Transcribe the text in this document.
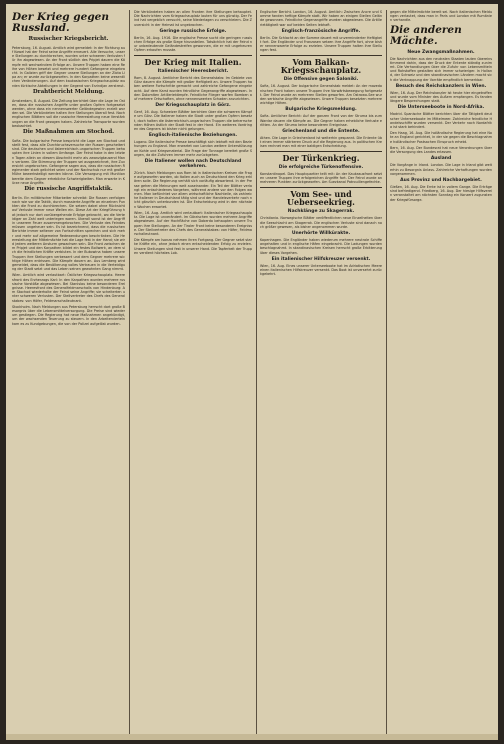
Der Krieg gegen Russland.
Russischer Kriegsbericht.

Petersburg, 16. August. Amtlich wird gemeldet: In der Richtung auf Kowel hat der Feind seine Angriffe erneuert. Alle Versuche, unsere Stellungen zu durchbrechen, wurden unter schweren Verlusten für ihn abgewiesen. An der Front südlich des Pripjet dauern die Kämpfe mit wechselndem Erfolge an. Unsere Truppen haben eine Reihe von Höhen besetzt und mehrere hundert Gefangene eingebracht. In Galizien griff der Gegner unsere Stellungen an der Zlota Lipa an; er wurde zurückgeworfen. In den Karpathen keine wesentlichen Veränderungen. Auf dem kaukasischen Kriegsschauplatz wurden türkische Abteilungen in der Gegend von Erzindjan zerstreut.

Drahtbericht Meldung.

Amsterdam, 8. August. Die Zeitung berichtet über die Lage im Osten, dass die russischen Angriffe unter großen Opfern fortgesetzt werden, ohne dass ein nennenswerter Geländegewinn erzielt worden sei. Die Verbündeten halten ihre Stellungen überall fest. Nach englischen Blättern soll die russische Heeresleitung neue Verstärkungen an die Front gezogen haben. Zahlreiche Transporte wurden beobachtet.

Die Maßnahmen am Stochod.

Sofia. Die bulgarische Presse bespricht die Lage am Stochod und stellt fest, dass alle Durchbruchsversuche der Russen gescheitert sind. Die deutschen und österreichisch-ungarischen Truppen behaupten ihre Linien in vollem Umfange. Der Feind habe in den letzten Tagen allein an diesem Abschnitt mehr als zwanzigtausend Mann verloren. Die Stimmung der Truppen sei ausgezeichnet, ihre Zuversicht ungebrochen. Gefangene sagen aus, dass die russischen Regimenter stark gelichtet seien und der Nachschub nur mit großer Mühe bewerkstelligt werden könne. Die Versorgung mit Munition bereite dem Gegner erhebliche Schwierigkeiten. Man erwarte in Kürze neue Angriffe.

Die russische Angriffstaktik.

Berlin. Ein militärischer Mitarbeiter schreibt: Die Russen verfolgen nach wie vor die Taktik, durch massierte Angriffe an einzelnen Punkten die Front zu durchbrechen. Sie setzen dabei ohne Rücksicht auf Verluste immer neue Wellen ein. Diese Art der Kriegführung hat jedoch nur dort vorübergehende Erfolge gebracht, wo die Verteidiger an Zahl weit unterlegen waren. Überall sonst ist der Angriff in unserem Feuer zusammengebrochen. Die Verluste des Feindes müssen ungeheuer sein. Es ist bezeichnend, dass die russischen Berichte immer seltener von Fortschritten sprechen und sich mehr und mehr auf allgemeine Redewendungen beschränken. Die Heeresleitung der Mittelmächte hat die Lage fest in der Hand; sie wird jedem weiteren Ansturm gewachsen sein. Die Front zwischen dem Pripjet und den Karpathen bildet ein festes Bollwerk, an dem sich die feindlichen Kräfte verbluten. In der Bukowina haben unsere Truppen ihre Stellungen verbessert und dem Gegner mehrere wichtige Höhen entrissen. Die Kämpfe dauern an. Aus Lemberg wird gemeldet, dass die Bevölkerung volles Vertrauen in die Verteidigung der Stadt setzt und das Leben seinen gewohnten Gang nimmt.

Wien. Amtlich wird verlautbart: Östlicher Kriegsschauplatz. Heeresfront des Erzherzogs Karl: In den Karpathen wurden mehrere russische Vorstöße abgewiesen. Bei Stanislau keine besonderen Ereignisse. Heeresfront des Generalfeldmarschalls von Hindenburg: Am Stochod wiederholte der Feind seine Angriffe; sie scheiterten unter schweren Verlusten. Der Stellvertreter des Chefs des Generalstabes: von Höfer, Feldmarschalleutnant.

Stockholm. Nach Meldungen aus Petersburg herrscht dort große Besorgnis über die Lebensmittelversorgung. Die Preise sind wiederum gestiegen. Die Regierung hat neue Maßnahmen angekündigt, um der wachsenden Teuerung zu steuern. In den Arbeitervierteln kam es zu Kundgebungen, die von der Polizei aufgelöst wurden.

Die Verbündeten haben an allen Fronten ihre Stellungen behauptet. Die Nachrichten vom Kriegsschauplatz lauten für uns günstig. Der Feind hat vergeblich versucht, seine Niederlagen zu verschleiern. Die Zuversicht in der Heimat ist ungebrochen.

Geringe russische Erfolge.

Berlin, 16. Aug. 1916. Die englische Presse sucht die geringen russischen Erfolge als große Siege hinzustellen. Tatsächlich hat der Feind nur unbedeutende Geländestreifen gewonnen, die er mit ungeheuren Opfern erkaufen musste.

Der Krieg mit Italien.
Italienischer Heeresbericht.

Rom, 8. August. Amtlicher Bericht des Generalstabs: Im Gebiete von Görz dauern die Kämpfe mit großer Heftigkeit an. Unsere Truppen haben weitere Fortschritte gemacht und zahlreiche Gefangene eingebracht. Auf dem Karst wurden feindliche Gegenangriffe abgewiesen. In den Dolomiten Artilleriekämpfe. Feindliche Flieger warfen Bomben auf mehrere Ortschaften, ohne nennenswerten Schaden anzurichten.

Der Kriegsschauplatz in Görz.

Genf, 16. Aug. Schweizer Blätter berichten über die schweren Kämpfe um Görz. Die Italiener haben die Stadt unter großen Opfern besetzt, doch halten die österreichisch-ungarischen Truppen die beherrschenden Höhen östlich der Stadt fest in der Hand. Ein weiteres Vordringen des Gegners ist bisher nicht gelungen.

Englisch-italienische Beziehungen.

Lugano. Die italienische Presse beschäftigt sich lebhaft mit den Beziehungen zu England. Man erwartet von London weitere Unterstützung an Kohle und Kriegsmaterial. Die Frage der Tonnage bereitet große Sorgen, da die Zufuhren immer mehr zurückgehen.

Die Italiener wollen nach Deutschland verkehren.

Zürich. Nach Meldungen aus Rom ist in italienischen Kreisen die Frage aufgeworfen worden, ob Italien auch an Deutschland den Krieg erklären solle. Die Regierung verhält sich vorläufig abwartend. In der Presse gehen die Meinungen weit auseinander. Ein Teil der Blätter verlangt ein entschiedenes Vorgehen, während andere vor den Folgen warnen. Man befürchtet vor allem wirtschaftliche Nachteile, da zahlreiche Italiener in Deutschland tätig sind und der Handelsverkehr noch nicht gänzlich unterbunden ist. Die Entscheidung wird in den nächsten Wochen erwartet.

Wien, 16. Aug. Amtlich wird verlautbart: Italienischer Kriegsschauplatz. Die Lage ist unverändert. Im Görzischen wurden mehrere Angriffe abgewiesen. Auf der Hochfläche von Doberdo behaupten unsere Truppen ihre Stellungen. An der Tiroler Front keine besonderen Ereignisse. Der Stellvertreter des Chefs des Generalstabes: von Höfer, Feldmarschalleutnant.

Die Kämpfe am Isonzo nehmen ihren Fortgang. Der Gegner setzt starke Kräfte ein, ohne jedoch einen entscheidenden Erfolg zu erzielen. Unsere Stellungen sind fest in unserer Hand. Die Tapferkeit der Truppen verdient höchstes Lob.

Englischer Bericht. London, 16. August. Amtlich: Zwischen Ancre und Somme fanden heftige Kämpfe statt. Wir haben an einigen Stellen Gelände gewonnen. Feindliche Gegenangriffe wurden abgewiesen. Die Artillerietätigkeit war auf beiden Seiten lebhaft.

Englisch-französische Angriffe.

Berlin. Die Schlacht an der Somme dauert mit unverminderter Heftigkeit fort. Die Engländer und Franzosen setzen ihre Angriffe fort, ohne bisher nennenswerte Erfolge zu erzielen. Unsere Truppen halten ihre Stellungen fest.

Vom Balkan-Kriegsschauplatz.
Die Offensive gegen Saloniki.

Sofia, 16. August. Der bulgarische Generalstab meldet: An der mazedonischen Front haben unsere Truppen ihre Vorwärtsbewegung fortgesetzt. Der Feind wurde an mehreren Stellen geworfen. Am Ostrowo-See wurden serbische Angriffe abgewiesen. Unsere Truppen besetzten mehrere wichtige Höhen.

Bulgarische Kriegsmeldung.

Sofia. Amtlicher Bericht: Auf der ganzen Front von der Struma bis zum Wardar dauern die Kämpfe an. Die Gegner haben erhebliche Verluste erlitten. An der Struma keine besonderen Ereignisse.

Griechenland und die Entente.

Athen. Die Lage in Griechenland ist weiterhin gespannt. Die Entente übt einen immer stärkeren Druck auf die Regierung aus. In politischen Kreisen rechnet man mit einer baldigen Entscheidung.

Der Türkenkrieg.
Die erfolgreiche Türkenoffensive.

Konstantinopel. Das Hauptquartier teilt mit: An der Kaukasusfront setzten unsere Truppen ihre erfolgreichen Angriffe fort. Der Feind wurde an mehreren Punkten zurückgeworfen. Am Suezkanal Patrouillengefechte.

Vom See- und Ueberseekrieg.
Nachklänge zu Skagerrak.

Christiania. Norwegische Blätter veröffentlichen neue Einzelheiten über die Seeschlacht am Skagerrak. Die englischen Verluste sind danach noch größer gewesen, als bisher angenommen wurde.

Unerhörte Willkürakte.

Kopenhagen. Die Engländer haben wiederum mehrere neutrale Schiffe angehalten und in englische Häfen eingebracht. Die Ladungen wurden beschlagnahmt. In skandinavischen Kreisen herrscht große Erbitterung über dieses Vorgehen.

Ein italienischer Hilfskreuzer versenkt.

Wien, 16. Aug. Eines unserer Unterseeboote hat im Adriatischen Meere einen italienischen Hilfskreuzer versenkt. Das Boot ist unversehrt zurückgekehrt.

gegen die Mittelmächte bereit sei. Nach italienischen Meldungen verlautet, dass man in Paris und London mit Rumänien verhandle.

Die anderen Mächte.
Neue Zwangsmaßnahmen.

Die Nachrichten aus den neutralen Staaten lauten übereinstimmend dahin, dass der Druck der Entente ständig zunimmt. Die Verhandlungen über die Zufuhr von Lebensmitteln und Rohstoffen gestalten sich immer schwieriger. In Holland, der Schweiz und den skandinavischen Ländern macht sich die Verknappung der Vorräte empfindlich bemerkbar.

Besuch des Reichskanzlers in Wien.

Wien, 16. Aug. Der Reichskanzler ist heute hier eingetroffen und wurde vom Minister des Äußern empfangen. Es fanden längere Besprechungen statt.

Die Unterseeboote in Nord-Afrika.

Madrid. Spanische Blätter berichten über die Tätigkeit deutscher Unterseeboote im Mittelmeer. Zahlreiche feindliche Handelsschiffe wurden versenkt. Der Verkehr nach Nordafrika ist stark behindert.

Den Haag, 16. Aug. Die holländische Regierung hat eine Note an England gerichtet, in der sie gegen die Beschlagnahme holländischer Postsachen Einspruch erhebt.

Bern, 16. Aug. Der Bundesrat hat neue Verordnungen über die Versorgung des Landes erlassen.

Ausland

Die Vorgänge in Irland. London. Die Lage in Irland gibt weiterhin zu Besorgnis Anlass. Zahlreiche Verhaftungen wurden vorgenommen.

Aus Provinz und Nachbargebiet.

Gießen, 16. Aug. Die Ernte ist in vollem Gange. Die Erträge sind befriedigend. Friedberg, 16. Aug. Der hiesige Hilfsverein veranstaltet am nächsten Sonntag ein Konzert zugunsten der Kriegsfürsorge.
